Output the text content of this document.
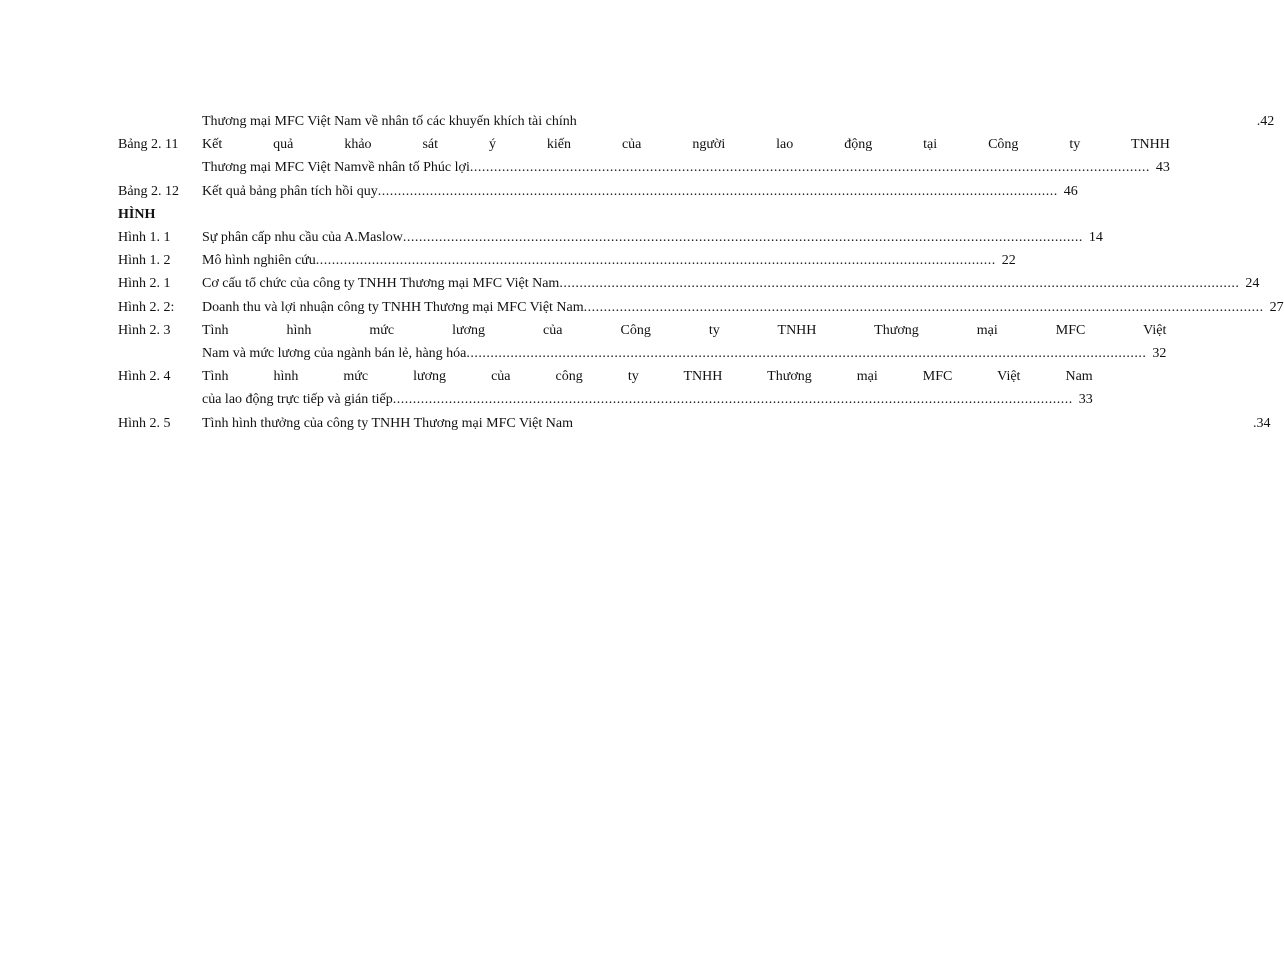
Thương mại MFC Việt Nam về nhân tố các khuyến khích tài chính	.42
Bảng 2. 11	Kết quả khảo sát ý kiến của người lao động tại Công ty TNHH
Thương mại MFC Việt Namvề nhân tố Phúc lợi .....	43
Bảng 2. 12	Kết quả bảng phân tích hồi quy .....	46
HÌNH
Hình 1. 1	Sự phân cấp nhu cầu của A.Maslow .....	14
Hình 1. 2	Mô hình nghiên cứu .....	22
Hình 2. 1	Cơ cấu tổ chức của công ty TNHH Thương mại MFC Việt Nam .....	24
Hình 2. 2:	Doanh thu và lợi nhuận công ty TNHH Thương mại MFC Việt Nam .....	27
Hình 2. 3	Tình hình mức lương của Công ty TNHH Thương mại MFC Việt
Nam và mức lương của ngành bán lẻ, hàng hóa .....	32
Hình 2. 4	Tình hình mức lương của công ty TNHH Thương mại MFC Việt Nam
của lao động trực tiếp và gián tiếp .....	33
Hình 2. 5	Tình hình thưởng của công ty TNHH Thương mại MFC Việt Nam	.34
